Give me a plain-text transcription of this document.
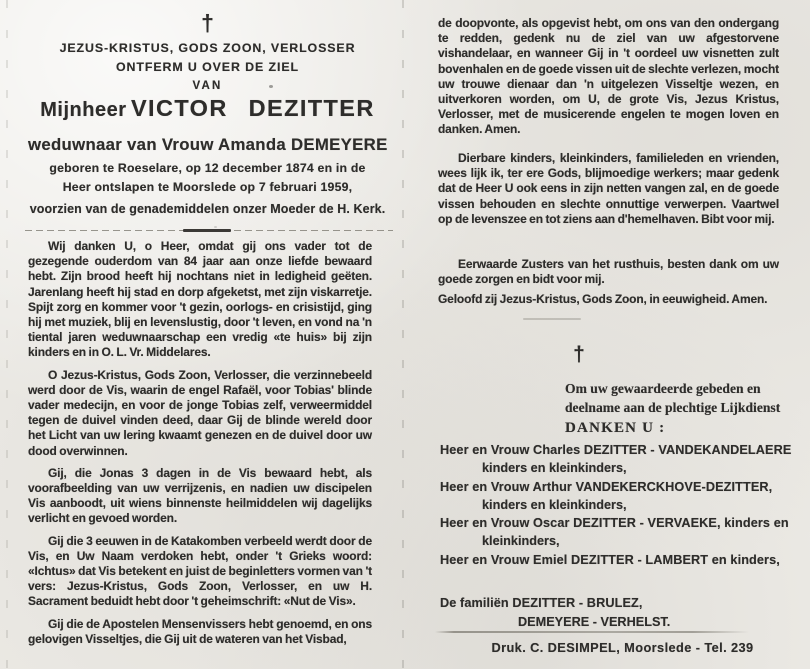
†
JEZUS-KRISTUS, GODS ZOON, VERLOSSER
ONTFERM U OVER DE ZIEL
VAN
Mijnheer VICTOR DEZITTER
weduwnaar van Vrouw Amanda DEMEYERE
geboren te Roeselare, op 12 december 1874 en in de
Heer ontslapen te Moorslede op 7 februari 1959,
voorzien van de genademiddelen onzer Moeder de H. Kerk.

Wij danken U, o Heer, omdat gij ons vader tot de gezegende ouderdom van 84 jaar aan onze liefde bewaard hebt. Zijn brood heeft hij nochtans niet in ledigheid geëten. Jarenlang heeft hij stad en dorp afgeketst, met zijn viskarretje. Spijt zorg en kommer voor 't gezin, oorlogs- en crisistijd, ging hij met muziek, blij en levenslustig, door 't leven, en vond na 'n tiental jaren weduwnaarschap een vredig «te huis» bij zijn kinders en in O. L. Vr. Middelares.

O Jezus-Kristus, Gods Zoon, Verlosser, die verzinnebeeld werd door de Vis, waarin de engel Rafaël, voor Tobias' blinde vader medecijn, en voor de jonge Tobias zelf, verweermiddel tegen de duivel vinden deed, daar Gij de blinde wereld door het Licht van uw lering kwaamt genezen en de duivel door uw dood overwinnen.

Gij, die Jonas 3 dagen in de Vis bewaard hebt, als voorafbeelding van uw verrijzenis, en nadien uw discipelen Vis aanboodt, uit wiens binnenste heilmiddelen wij dagelijks verlicht en gevoed worden.

Gij die 3 eeuwen in de Katakomben verbeeld werdt door de Vis, en Uw Naam verdoken hebt, onder 't Grieks woord: «Ichtus» dat Vis betekent en juist de beginletters vormen van 't vers: Jezus-Kristus, Gods Zoon, Verlosser, en uw H. Sacrament beduidt hebt door 't geheimschrift: «Nut de Vis».

Gij die de Apostelen Mensenvissers hebt genoemd, en ons gelovigen Visseltjes, die Gij uit de wateren van het Visbad,

de doopvonte, als opgevist hebt, om ons van den ondergang te redden, gedenk nu de ziel van uw afgestorvene vishandelaar, en wanneer Gij in 't oordeel uw visnetten zult bovenhalen en de goede vissen uit de slechte verlezen, mocht uw trouwe dienaar dan 'n uitgelezen Visseltje wezen, en uitverkoren worden, om U, de grote Vis, Jezus Kristus, Verlosser, met de musicerende engelen te mogen loven en danken. Amen.

Dierbare kinders, kleinkinders, familieleden en vrienden, wees lijk ik, ter ere Gods, blijmoedige werkers; maar gedenk dat de Heer U ook eens in zijn netten vangen zal, en de goede vissen behouden en slechte onnuttige verwerpen. Vaartwel op de levenszee en tot ziens aan d'hemelhaven. Bibt voor mij.

Eerwaarde Zusters van het rusthuis, besten dank om uw goede zorgen en bidt voor mij.

Geloofd zij Jezus-Kristus, Gods Zoon, in eeuwigheid. Amen.
†
Om uw gewaardeerde gebeden en
deelname aan de plechtige Lijkdienst
DANKEN U :
Heer en Vrouw Charles DEZITTER - VANDEKANDELAERE
kinders en kleinkinders,
Heer en Vrouw Arthur VANDEKERCKHOVE-DEZITTER,
kinders en kleinkinders,
Heer en Vrouw Oscar DEZITTER - VERVAEKE, kinders en
kleinkinders,
Heer en Vrouw Emiel DEZITTER - LAMBERT en kinders,
De familiën DEZITTER - BRULEZ,
DEMEYERE - VERHELST.
Druk. C. DESIMPEL, Moorslede - Tel. 239
